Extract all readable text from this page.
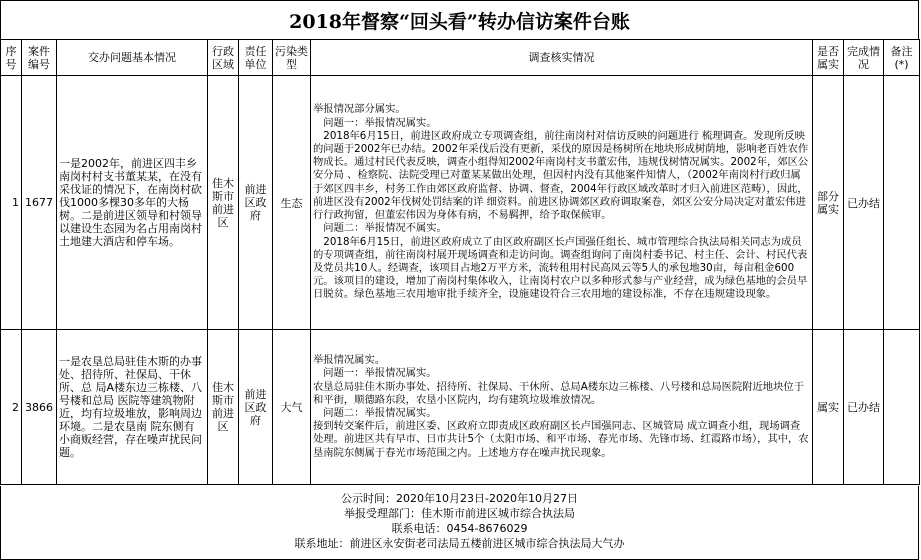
2018年督察“回头看”转办信访案件台账
序号	案件编号	交办问题基本情况	行政区域	责任单位	污染类型	调查核实情况	是否属实	完成情况	备注(*)
1	1677	一是2002年，前进区四丰乡南岗村村支书董某某，在没有采伐证的情况下，在南岗村砍伐1000多棵30多年的大杨树。二是前进区领导和村领导以建设生态园为名占用南岗村土地建大酒店和停车场。	佳木斯市前进区	前进区政府	生态	举报情况部分属实。

问题一：举报情况属实。

2018年6月15日，前进区政府成立专项调查组，前往南岗村对信访反映的问题进行 梳理调查。发现所反映的问题于2002年已办结。2002年采伐后没有更新，采伐的原因是杨树所在地块形成树荫地，影响老百姓农作物成长。通过村民代表反映，调查小组得知2002年南岗村支书董宏伟，违规伐树情况属实。2002年，郊区公安分局 、检察院、法院受理已对董某某做出处理，但因村内没有其他案件知情人，（2002年南岗村行政归属于郊区四丰乡，村务工作由郊区政府监督、协调、督查，2004年行政区域改革时才归入前进区范畴），因此，前进区没有2002年伐树处罚结案的详 细资料。前进区协调郊区政府调取案卷，郊区公安分局决定对董宏伟进行行政拘留，但董宏伟因为身体有病，不易羁押，给予取保候审。

问题二：举报情况不属实。

2018年6月15日，前进区政府成立了由区政府副区长卢国强任组长、城市管理综合执法局相关同志为成员的专项调查组，前往南岗村展开现场调查和走访问询。调查组询问了南岗村委书记、村主任、会计、村民代表及党员共10人。经调查，该项目占地2万平方米，流转租用村民高凤云等5人的承包地30亩，每亩租金600元。该项目的建设，增加了南岗村集体收入，让南岗村农户以多种形式参与产业经营，成为绿色基地的会员早日脱贫。绿色基地三农用地审批手续齐全，设施建设符合三农用地的建设标准，不存在违规建设现象。	部分属实	已办结	
2	3866	一是农垦总局驻佳木斯的办事处、招待所、社保局、干休所、总 局A楼东边三栋楼、八号楼和总局 医院等建筑物附近，均有垃圾堆放，影响周边环境。二是农垦南 院东侧有小商贩经营，存在噪声扰民问题。	佳木斯市前进区	前进区政府	大气	举报情况属实。

问题一：举报情况属实。

农垦总局驻佳木斯办事处、招待所、社保局、干休所、总局A楼东边三栋楼、八号楼和总局医院附近地块位于和平街，顺德路东段，农垦小区院内，均有建筑垃圾堆放情况。

问题二：举报情况属实。

接到转交案件后，前进区委、区政府立即责成区政府副区长卢国强同志、区城管局 成立调查小组，现场调查处理。前进区共有早市、日市共计5个（太阳市场、和平市场、春光市场、先锋市场、红霞路市场），其中，农垦南院东侧属于春光市场范围之内。上述地方存在噪声扰民现象。	属实	已办结	
公示时间：2020年10月23日-2020年10月27日
举报受理部门：佳木斯市前进区城市综合执法局
联系电话：0454-8676029
联系地址：前进区永安街老司法局五楼前进区城市综合执法局大气办
